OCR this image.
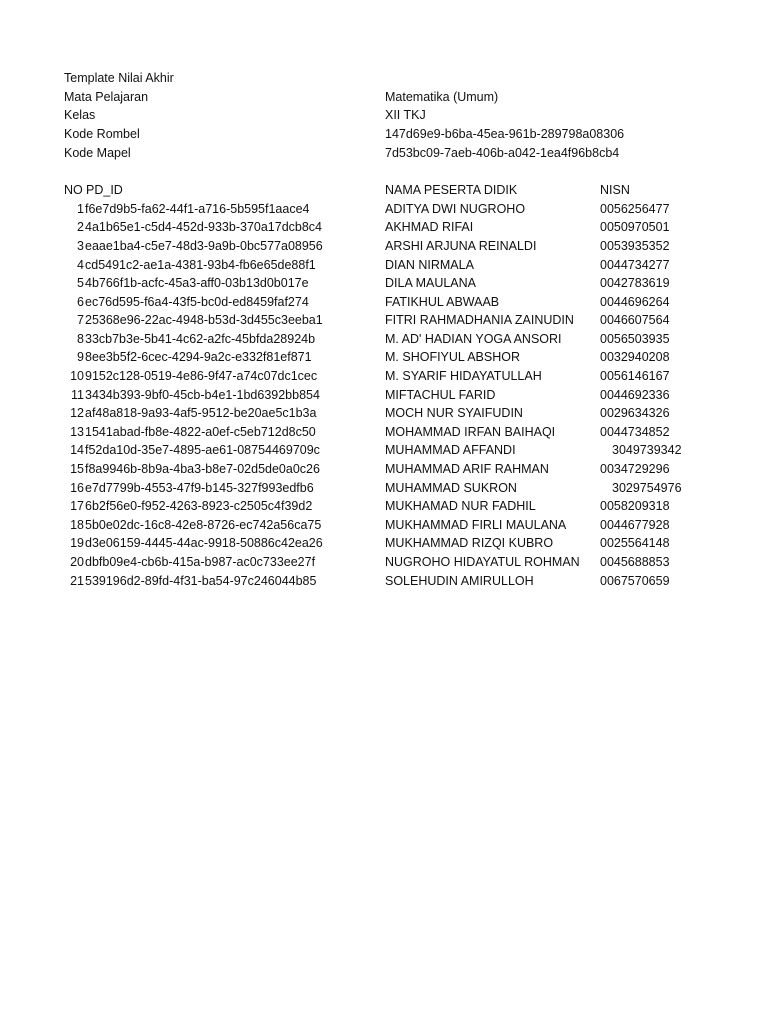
Template Nilai Akhir
Mata Pelajaran	Matematika (Umum)
Kelas	XII TKJ
Kode Rombel	147d69e9-b6ba-45ea-961b-289798a08306
Kode Mapel	7d53bc09-7aeb-406b-a042-1ea4f96b8cb4
NO PD_ID	NAMA PESERTA DIDIK	NISN
1 f6e7d9b5-fa62-44f1-a716-5b595f1aace4	ADITYA DWI NUGROHO	0056256477
2 4a1b65e1-c5d4-452d-933b-370a17dcb8c4	AKHMAD RIFAI	0050970501
3 eaae1ba4-c5e7-48d3-9a9b-0bc577a08956	ARSHI ARJUNA REINALDI	0053935352
4 cd5491c2-ae1a-4381-93b4-fb6e65de88f1	DIAN NIRMALA	0044734277
5 4b766f1b-acfc-45a3-aff0-03b13d0b017e	DILA MAULANA	0042783619
6 ec76d595-f6a4-43f5-bc0d-ed8459faf274	FATIKHUL ABWAAB	0044696264
7 25368e96-22ac-4948-b53d-3d455c3eeba1	FITRI RAHMADHANIA ZAINUDIN 0046607564
8 33cb7b3e-5b41-4c62-a2fc-45bfda28924b	M. AD' HADIAN YOGA ANSORI	0056503935
9 8ee3b5f2-6cec-4294-9a2c-e332f81ef871	M. SHOFIYUL ABSHOR	0032940208
10 9152c128-0519-4e86-9f47-a74c07dc1cec	M. SYARIF HIDAYATULLAH	0056146167
11 3434b393-9bf0-45cb-b4e1-1bd6392bb854	MIFTACHUL FARID	0044692336
12 af48a818-9a93-4af5-9512-be20ae5c1b3a	MOCH NUR SYAIFUDIN	0029634326
13 1541abad-fb8e-4822-a0ef-c5eb712d8c50	MOHAMMAD IRFAN BAIHAQI	0044734852
14 f52da10d-35e7-4895-ae61-08754469709c	MUHAMMAD AFFANDI	3049739342
15 f8a9946b-8b9a-4ba3-b8e7-02d5de0a0c26	MUHAMMAD ARIF RAHMAN	0034729296
16 e7d7799b-4553-47f9-b145-327f993edfb6	MUHAMMAD SUKRON	3029754976
17 6b2f56e0-f952-4263-8923-c2505c4f39d2	MUKHAMAD NUR FADHIL	0058209318
18 5b0e02dc-16c8-42e8-8726-ec742a56ca75	MUKHAMMAD FIRLI MAULANA	0044677928
19 d3e06159-4445-44ac-9918-50886c42ea26	MUKHAMMAD RIZQI KUBRO	0025564148
20 dbfb09e4-cb6b-415a-b987-ac0c733ee27f	NUGROHO HIDAYATUL ROHMAN 0045688853
21 539196d2-89fd-4f31-ba54-97c246044b85	SOLEHUDIN AMIRULLOH	0067570659
